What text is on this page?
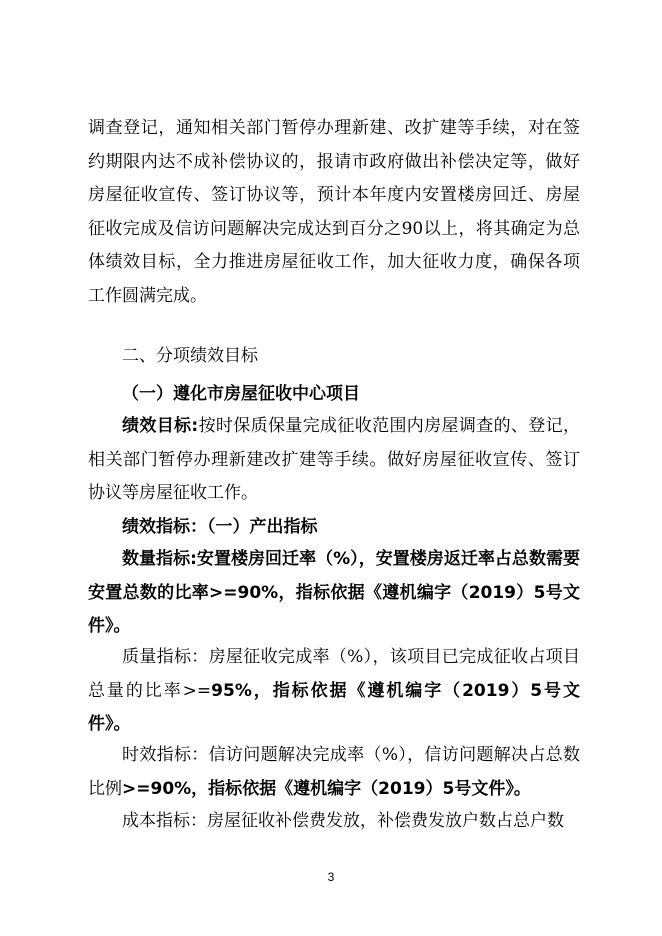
调查登记，通知相关部门暂停办理新建、改扩建等手续，对在签约期限内达不成补偿协议的，报请市政府做出补偿决定等，做好房屋征收宣传、签订协议等，预计本年度内安置楼房回迁、房屋征收完成及信访问题解决完成达到百分之90以上，将其确定为总体绩效目标，全力推进房屋征收工作，加大征收力度，确保各项工作圆满完成。

二、分项绩效目标

（一）遵化市房屋征收中心项目

绩效目标:按时保质保量完成征收范围内房屋调查的、登记，相关部门暂停办理新建改扩建等手续。做好房屋征收宣传、签订协议等房屋征收工作。

绩效指标：（一）产出指标

数量指标:安置楼房回迁率（%），安置楼房返迁率占总数需要安置总数的比率>=90%，指标依据《遵机编字（2019）5号文件》。

质量指标：房屋征收完成率（%），该项目已完成征收占项目总量的比率>=95%，指标依据《遵机编字（2019）5号文件》。

时效指标：信访问题解决完成率（%），信访问题解决占总数比例>=90%，指标依据《遵机编字（2019）5号文件》。

成本指标：房屋征收补偿费发放，补偿费发放户数占总户数

3
